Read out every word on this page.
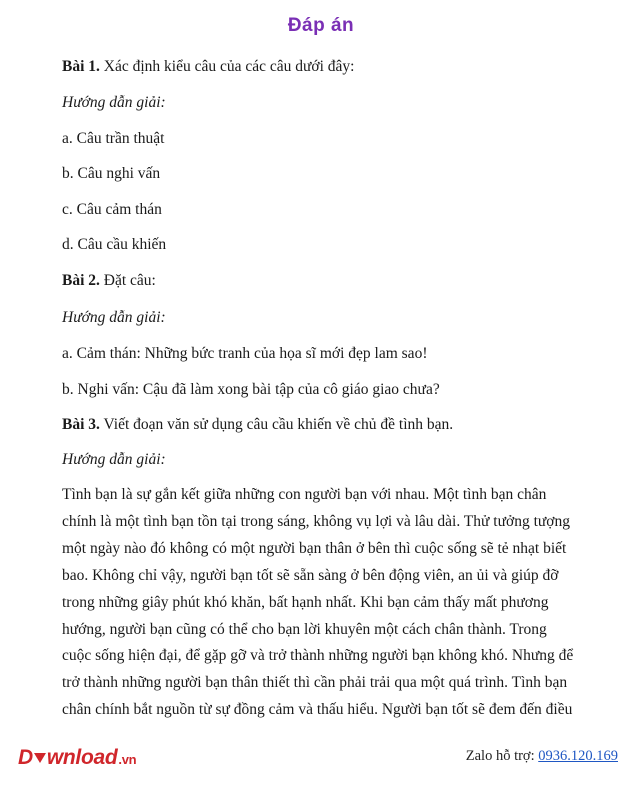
Đáp án
Bài 1. Xác định kiểu câu của các câu dưới đây:
Hướng dẫn giải:
a. Câu trần thuật
b. Câu nghi vấn
c. Câu cảm thán
d. Câu cầu khiến
Bài 2. Đặt câu:
Hướng dẫn giải:
a. Cảm thán: Những bức tranh của họa sĩ mới đẹp lam sao!
b. Nghi vấn: Cậu đã làm xong bài tập của cô giáo giao chưa?
Bài 3. Viết đoạn văn sử dụng câu cầu khiến về chủ đề tình bạn.
Hướng dẫn giải:
Tình bạn là sự gắn kết giữa những con người bạn với nhau. Một tình bạn chân
chính là một tình bạn tồn tại trong sáng, không vụ lợi và lâu dài. Thử tưởng tượng
một ngày nào đó không có một người bạn thân ở bên thì cuộc sống sẽ tẻ nhạt biết
bao. Không chỉ vậy, người bạn tốt sẽ sẵn sàng ở bên động viên, an ủi và giúp đỡ
trong những giây phút khó khăn, bất hạnh nhất. Khi bạn cảm thấy mất phương
hướng, người bạn cũng có thể cho bạn lời khuyên một cách chân thành. Trong
cuộc sống hiện đại, để gặp gỡ và trở thành những người bạn không khó. Nhưng để
trở thành những người bạn thân thiết thì cần phải trải qua một quá trình. Tình bạn
chân chính bắt nguồn từ sự đồng cảm và thấu hiểu. Người bạn tốt sẽ đem đến điều
D wnload.vn	Zalo hỗ trợ: 0936.120.169
